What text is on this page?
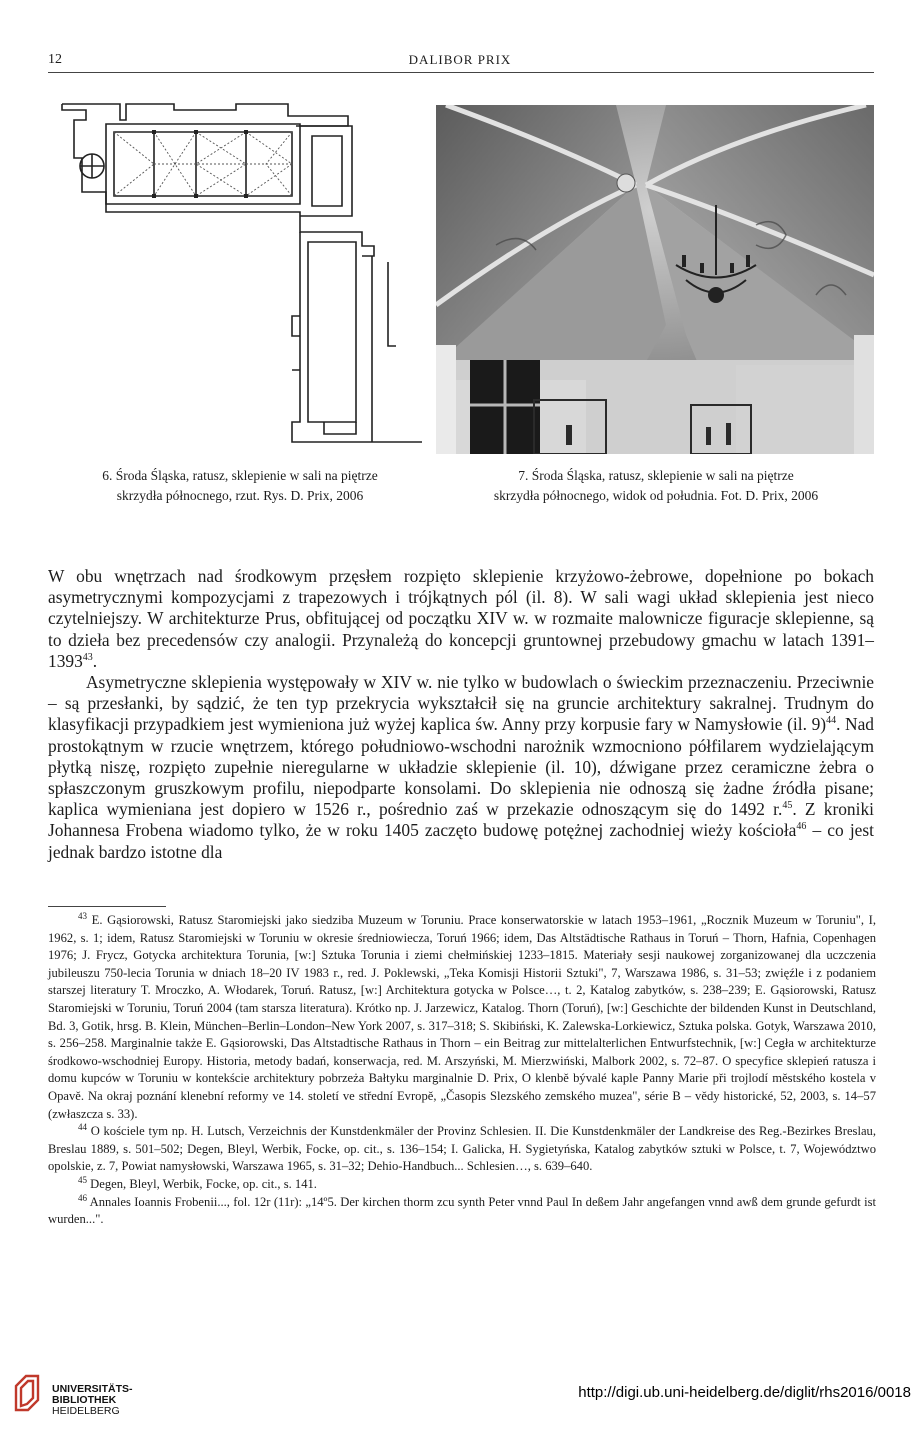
12	DALIBOR PRIX
6. Środa Śląska, ratusz, sklepienie w sali na piętrze
skrzydła północnego, rzut. Rys. D. Prix, 2006
7. Środa Śląska, ratusz, sklepienie w sali na piętrze
skrzydła północnego, widok od południa. Fot. D. Prix, 2006

W obu wnętrzach nad środkowym przęsłem rozpięto sklepienie krzyżowo-żebrowe, dopełnione po bokach asymetrycznymi kompozycjami z trapezowych i trójkątnych pól (il. 8). W sali wagi układ sklepienia jest nieco czytelniejszy. W architekturze Prus, obfitującej od początku XIV w. w rozmaite malownicze figuracje sklepienne, są to dzieła bez precedensów czy analogii. Przynależą do koncepcji gruntownej przebudowy gmachu w latach 1391–1393$^{43}$.

Asymetryczne sklepienia występowały w XIV w. nie tylko w budowlach o świeckim przeznaczeniu. Przeciwnie – są przesłanki, by sądzić, że ten typ przekrycia wykształcił się na gruncie architektury sakralnej. Trudnym do klasyfikacji przypadkiem jest wymieniona już wyżej kaplica św. Anny przy korpusie fary w Namysłowie (il. 9)$^{44}$. Nad prostokątnym w rzucie wnętrzem, którego południowo-wschodni narożnik wzmocniono półfilarem wydzielającym płytką niszę, rozpięto zupełnie nieregularne w układzie sklepienie (il. 10), dźwigane przez ceramiczne żebra o spłaszczonym gruszkowym profilu, niepodparte konsolami. Do sklepienia nie odnoszą się żadne źródła pisane; kaplica wymieniana jest dopiero w 1526 r., pośrednio zaś w przekazie odnoszącym się do 1492 r.$^{45}$. Z kroniki Johannesa Frobena wiadomo tylko, że w roku 1405 zaczęto budowę potężnej zachodniej wieży kościoła$^{46}$ – co jest jednak bardzo istotne dla

$^{43}$ E. Gąsiorowski, Ratusz Staromiejski jako siedziba Muzeum w Toruniu. Prace konserwatorskie w latach 1953–1961, „Rocznik Muzeum w Toruniu", I, 1962, s. 1; idem, Ratusz Staromiejski w Toruniu w okresie średniowiecza, Toruń 1966; idem, Das Altstädtische Rathaus in Toruń – Thorn, Hafnia, Copenhagen 1976; J. Frycz, Gotycka architektura Torunia, [w:] Sztuka Torunia i ziemi chełmińskiej 1233–1815. Materiały sesji naukowej zorganizowanej dla uczczenia jubileuszu 750-lecia Torunia w dniach 18–20 IV 1983 r., red. J. Poklewski, „Teka Komisji Historii Sztuki", 7, Warszawa 1986, s. 31–53; zwięźle i z podaniem starszej literatury T. Mroczko, A. Włodarek, Toruń. Ratusz, [w:] Architektura gotycka w Polsce…, t. 2, Katalog zabytków, s. 238–239; E. Gąsiorowski, Ratusz Staromiejski w Toruniu, Toruń 2004 (tam starsza literatura). Krótko np. J. Jarzewicz, Katalog. Thorn (Toruń), [w:] Geschichte der bildenden Kunst in Deutschland, Bd. 3, Gotik, hrsg. B. Klein, München–Berlin–London–New York 2007, s. 317–318; S. Skibiński, K. Zalewska-Lorkiewicz, Sztuka polska. Gotyk, Warszawa 2010, s. 256–258. Marginalnie także E. Gąsiorowski, Das Altstadtische Rathaus in Thorn – ein Beitrag zur mittelalterlichen Entwurfstechnik, [w:] Cegła w architekturze środkowo-wschodniej Europy. Historia, metody badań, konserwacja, red. M. Arszyński, M. Mierzwiński, Malbork 2002, s. 72–87. O specyfice sklepień ratusza i domu kupców w Toruniu w kontekście architektury pobrzeża Bałtyku marginalnie D. Prix, O klenbě bývalé kaple Panny Marie při trojlodí městského kostela v Opavě. Na okraj poznání klenební reformy ve 14. století ve střední Evropě, „Časopis Slezského zemského muzea", série B – vědy historické, 52, 2003, s. 14–57 (zwłaszcza s. 33).

$^{44}$ O kościele tym np. H. Lutsch, Verzeichnis der Kunstdenkmäler der Provinz Schlesien. II. Die Kunstdenkmäler der Landkreise des Reg.-Bezirkes Breslau, Breslau 1889, s. 501–502; Degen, Bleyl, Werbik, Focke, op. cit., s. 136–154; I. Galicka, H. Sygietyńska, Katalog zabytków sztuki w Polsce, t. 7, Województwo opolskie, z. 7, Powiat namysłowski, Warszawa 1965, s. 31–32; Dehio-Handbuch... Schlesien…, s. 639–640.

$^{45}$ Degen, Bleyl, Werbik, Focke, op. cit., s. 141.

$^{46}$ Annales Ioannis Frobenii..., fol. 12r (11r): „14º5. Der kirchen thorm zcu synth Peter vnnd Paul In deßem Jahr angefangen vnnd awß dem grunde gefurdt ist wurden...".

UNIVERSITÄTS-
BIBLIOTHEK
HEIDELBERG
http://digi.ub.uni-heidelberg.de/diglit/rhs2016/0018
